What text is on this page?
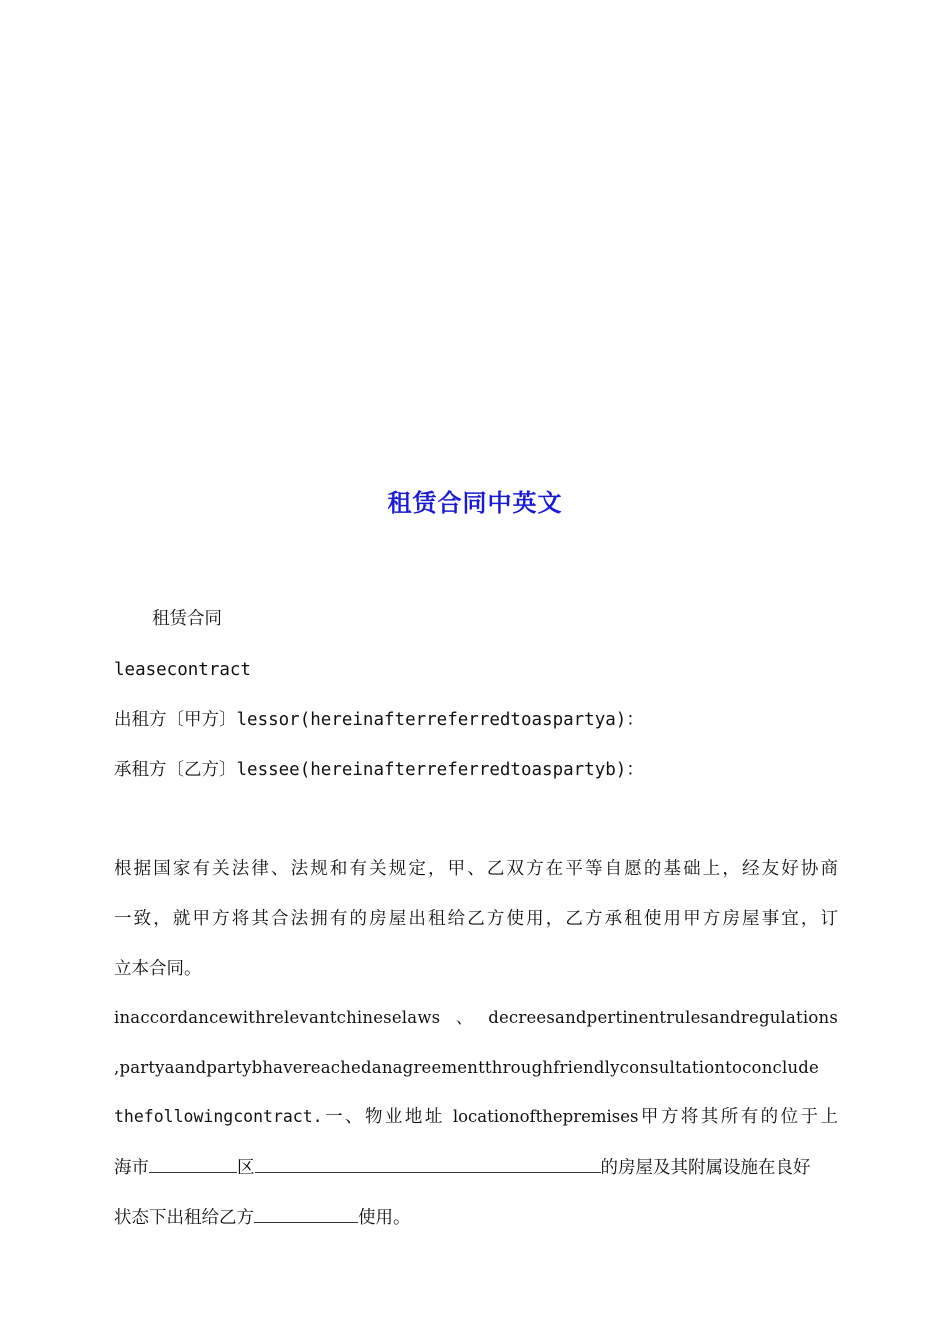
租赁合同中英文
租赁合同
leasecontract
出租方〔甲方〕lessor(hereinafterreferredtoaspartya)：
承租方〔乙方〕lessee(hereinafterreferredtoaspartyb)：
根据国家有关法律、法规和有关规定，甲、乙双方在平等自愿的基础上，经友好协商
一致，就甲方将其合法拥有的房屋出租给乙方使用，乙方承租使用甲方房屋事宜，订
立本合同。
inaccordancewithrelevantchineselaws、decreesandpertinentrulesandregulations
,partyaandpartybhavereachedanagreementthroughfriendlyconsultationtoconclude
thefollowingcontract.一、物业地址 locationofthepremises甲方将其所有的位于上
海市	区	的房屋及其附属设施在良好
状态下出租给乙方	使用。
